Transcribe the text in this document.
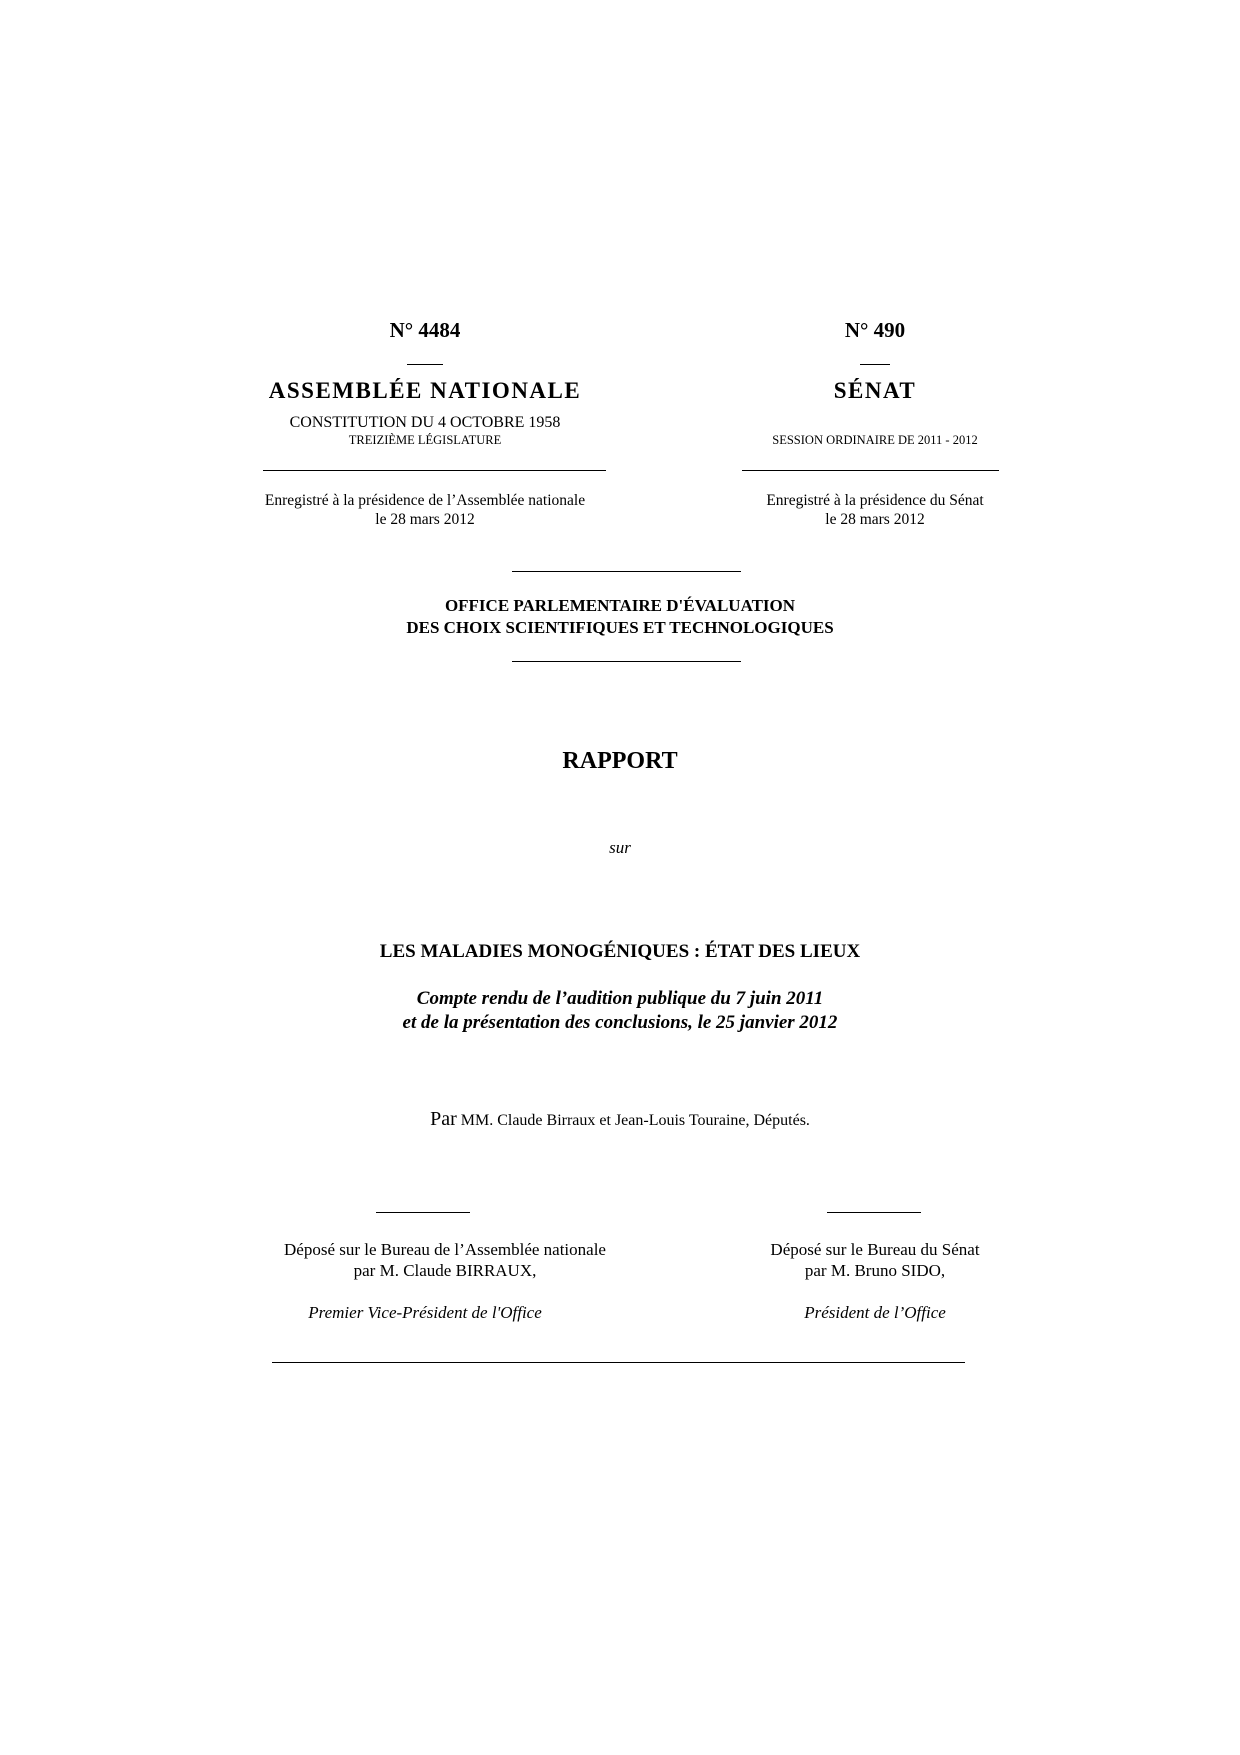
N° 4484
ASSEMBLÉE NATIONALE
CONSTITUTION DU 4 OCTOBRE 1958
TREIZIÈME LÉGISLATURE
Enregistré à la présidence de l’Assemblée nationale
le 28 mars 2012
N° 490
SÉNAT
SESSION ORDINAIRE DE 2011 - 2012
Enregistré à la présidence du Sénat
le 28 mars 2012
OFFICE PARLEMENTAIRE D'ÉVALUATION
DES CHOIX SCIENTIFIQUES ET TECHNOLOGIQUES
RAPPORT
sur
LES MALADIES MONOGÉNIQUES : ÉTAT DES LIEUX
Compte rendu de l’audition publique du 7 juin 2011
et de la présentation des conclusions, le 25 janvier 2012
Par MM. Claude Birraux et Jean-Louis Touraine, Députés.
Déposé sur le Bureau de l’Assemblée nationale
par M. Claude BIRRAUX,
Premier Vice-Président de l'Office
Déposé sur le Bureau du Sénat
par M. Bruno SIDO,
Président de l’Office
